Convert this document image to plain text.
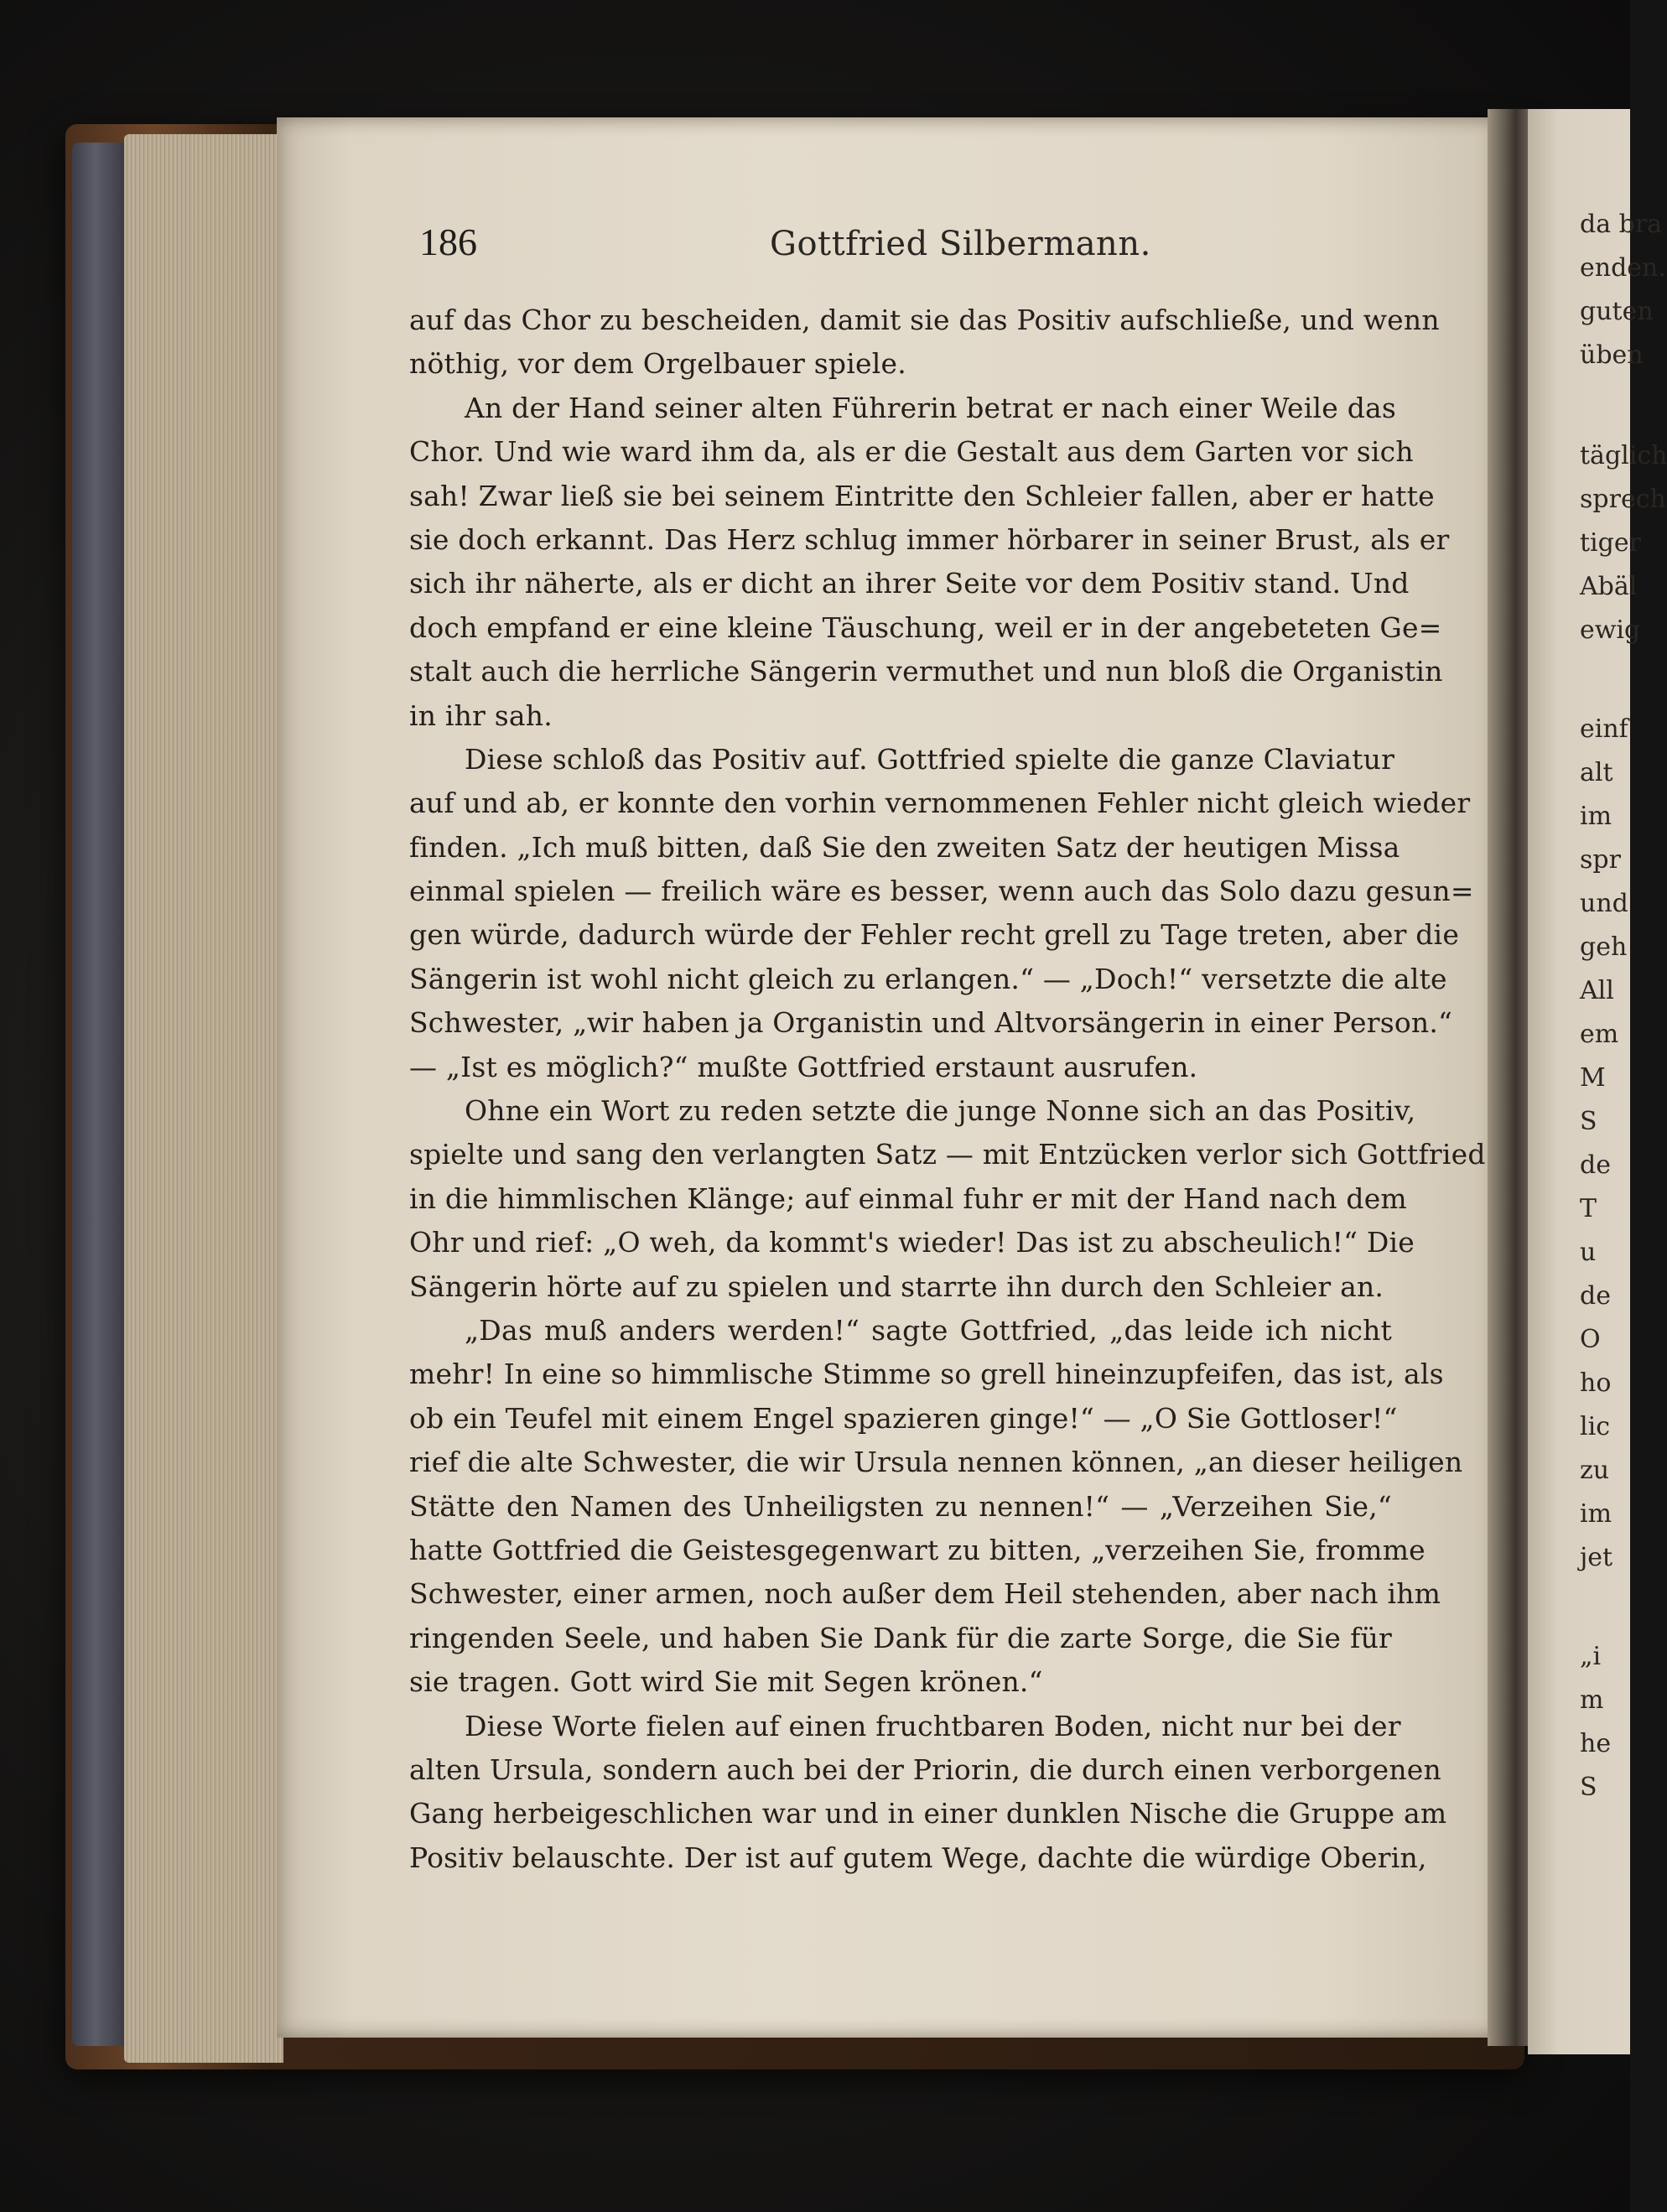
186	Gottfried Silbermann.
auf das Chor zu bescheiden, damit sie das Positiv aufschließe, und wenn
nöthig, vor dem Orgelbauer spiele.
An der Hand seiner alten Führerin betrat er nach einer Weile das
Chor. Und wie ward ihm da, als er die Gestalt aus dem Garten vor sich
sah! Zwar ließ sie bei seinem Eintritte den Schleier fallen, aber er hatte
sie doch erkannt. Das Herz schlug immer hörbarer in seiner Brust, als er
sich ihr näherte, als er dicht an ihrer Seite vor dem Positiv stand. Und
doch empfand er eine kleine Täuschung, weil er in der angebeteten Ge=
stalt auch die herrliche Sängerin vermuthet und nun bloß die Organistin
in ihr sah.
Diese schloß das Positiv auf. Gottfried spielte die ganze Claviatur
auf und ab, er konnte den vorhin vernommenen Fehler nicht gleich wieder
finden. „Ich muß bitten, daß Sie den zweiten Satz der heutigen Missa
einmal spielen — freilich wäre es besser, wenn auch das Solo dazu gesun=
gen würde, dadurch würde der Fehler recht grell zu Tage treten, aber die
Sängerin ist wohl nicht gleich zu erlangen.“ — „Doch!“ versetzte die alte
Schwester, „wir haben ja Organistin und Altvorsängerin in einer Person.“
— „Ist es möglich?“ mußte Gottfried erstaunt ausrufen.
Ohne ein Wort zu reden setzte die junge Nonne sich an das Positiv,
spielte und sang den verlangten Satz — mit Entzücken verlor sich Gottfried
in die himmlischen Klänge; auf einmal fuhr er mit der Hand nach dem
Ohr und rief: „O weh, da kommt's wieder! Das ist zu abscheulich!“ Die
Sängerin hörte auf zu spielen und starrte ihn durch den Schleier an.
„Das muß anders werden!“ sagte Gottfried, „das leide ich nicht
mehr! In eine so himmlische Stimme so grell hineinzupfeifen, das ist, als
ob ein Teufel mit einem Engel spazieren ginge!“ — „O Sie Gottloser!“
rief die alte Schwester, die wir Ursula nennen können, „an dieser heiligen
Stätte den Namen des Unheiligsten zu nennen!“ — „Verzeihen Sie,“
hatte Gottfried die Geistesgegenwart zu bitten, „verzeihen Sie, fromme
Schwester, einer armen, noch außer dem Heil stehenden, aber nach ihm
ringenden Seele, und haben Sie Dank für die zarte Sorge, die Sie für
sie tragen. Gott wird Sie mit Segen krönen.“
Diese Worte fielen auf einen fruchtbaren Boden, nicht nur bei der
alten Ursula, sondern auch bei der Priorin, die durch einen verborgenen
Gang herbeigeschlichen war und in einer dunklen Nische die Gruppe am
Positiv belauschte. Der ist auf gutem Wege, dachte die würdige Oberin,
da bra
enden.
guten
üben
täglich
sprech
tiger
Abäl
ewig
einf
alt
im
spr
und
geh
All
em
M
S
de
T
u
de
O
ho
lic
zu
im
jet
„i
m
he
S
